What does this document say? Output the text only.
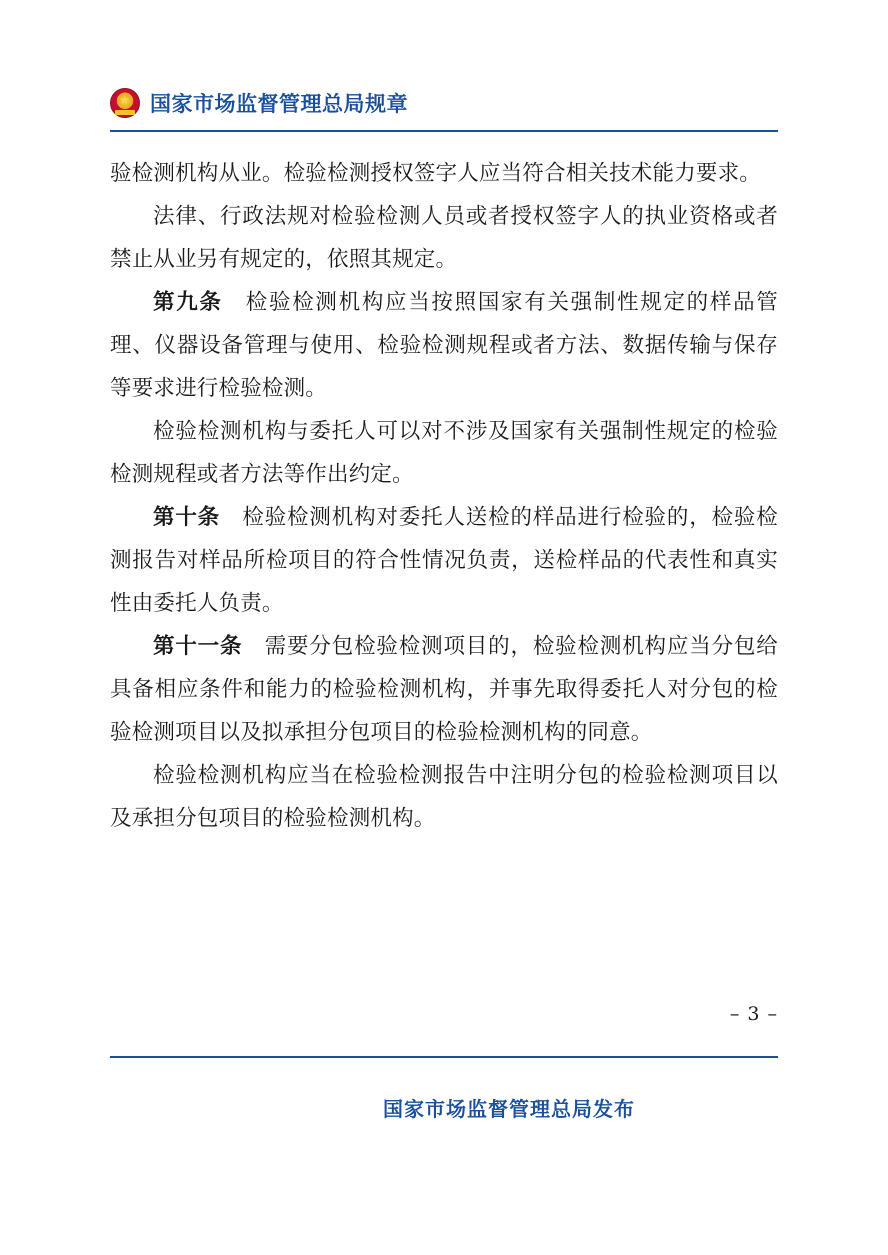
★ 国家市场监督管理总局规章

验检测机构从业。检验检测授权签字人应当符合相关技术能力要求。

法律、行政法规对检验检测人员或者授权签字人的执业资格或者禁止从业另有规定的，依照其规定。

第九条　检验检测机构应当按照国家有关强制性规定的样品管理、仪器设备管理与使用、检验检测规程或者方法、数据传输与保存等要求进行检验检测。

检验检测机构与委托人可以对不涉及国家有关强制性规定的检验检测规程或者方法等作出约定。

第十条　检验检测机构对委托人送检的样品进行检验的，检验检测报告对样品所检项目的符合性情况负责，送检样品的代表性和真实性由委托人负责。

第十一条　需要分包检验检测项目的，检验检测机构应当分包给具备相应条件和能力的检验检测机构，并事先取得委托人对分包的检验检测项目以及拟承担分包项目的检验检测机构的同意。

检验检测机构应当在检验检测报告中注明分包的检验检测项目以及承担分包项目的检验检测机构。

– 3 –
国家市场监督管理总局发布
